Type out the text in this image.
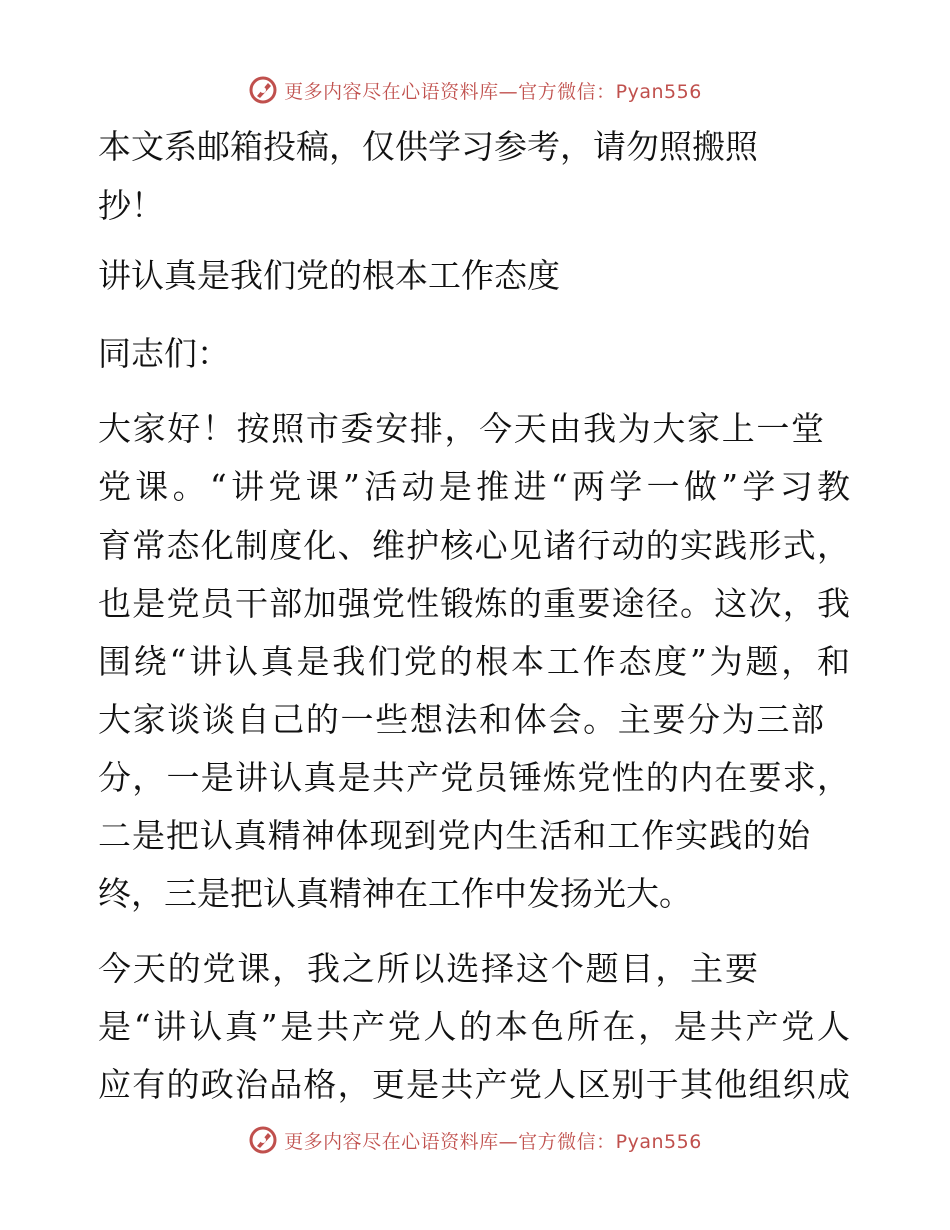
更多内容尽在心语资料库—官方微信：Pyan556
本文系邮箱投稿，仅供学习参考，请勿照搬照
抄！
讲认真是我们党的根本工作态度
同志们：
大家好！按照市委安排，今天由我为大家上一堂
党课。“讲党课”活动是推进“两学一做”学习教
育常态化制度化、维护核心见诸行动的实践形式，
也是党员干部加强党性锻炼的重要途径。这次，我
围绕“讲认真是我们党的根本工作态度”为题，和
大家谈谈自己的一些想法和体会。主要分为三部
分，一是讲认真是共产党员锤炼党性的内在要求，
二是把认真精神体现到党内生活和工作实践的始
终，三是把认真精神在工作中发扬光大。
今天的党课，我之所以选择这个题目，主要
是“讲认真”是共产党人的本色所在，是共产党人
应有的政治品格，更是共产党人区别于其他组织成
更多内容尽在心语资料库—官方微信：Pyan556
